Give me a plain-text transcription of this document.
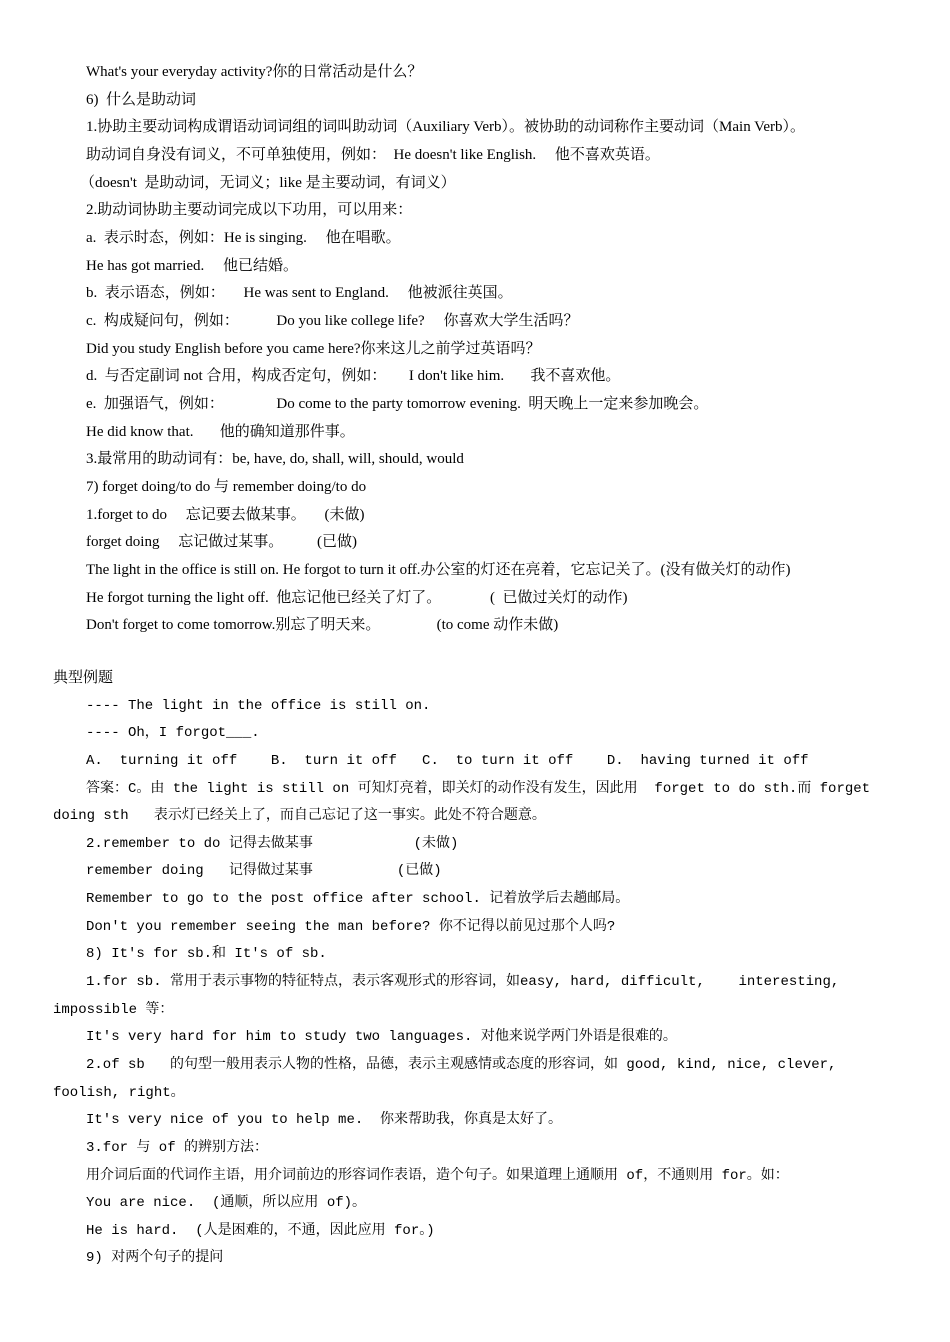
What's your everyday activity?你的日常活动是什么？
6)  什么是助动词
1.协助主要动词构成谓语动词词组的词叫助动词（Auxiliary Verb）。被协助的动词称作主要动词（Main Verb）。
助动词自身没有词义，不可单独使用，例如：  He doesn't like English.     他不喜欢英语。
（doesn't  是助动词，无词义；like 是主要动词，有词义）
2.助动词协助主要动词完成以下功用，可以用来：
a.  表示时态，例如：He is singing.     他在唱歌。
He has got married.     他已结婚。
b.  表示语态，例如：     He was sent to England.     他被派往英国。
c.  构成疑问句，例如：          Do you like college life?     你喜欢大学生活吗？
Did you study English before you came here?你来这儿之前学过英语吗？
d.  与否定副词 not 合用，构成否定句，例如：      I don't like him.       我不喜欢他。
e.  加强语气，例如：              Do come to the party tomorrow evening.  明天晚上一定来参加晚会。
He did know that.       他的确知道那件事。
3.最常用的助动词有：be, have, do, shall, will, should, would
7) forget doing/to do 与 remember doing/to do
1.forget to do     忘记要去做某事。     (未做)
forget doing     忘记做过某事。         (已做)
The light in the office is still on. He forgot to turn it off.办公室的灯还在亮着，它忘记关了。(没有做关灯的动作)
He forgot turning the light off.  他忘记他已经关了灯了。             (  已做过关灯的动作)
Don't forget to come tomorrow.别忘了明天来。               (to come 动作未做)
典型例题
---- The light in the office is still on.
---- Oh，I forgot___.
A.  turning it off    B.  turn it off   C.  to turn it off    D.  having turned it off
答案：C。由 the light is still on 可知灯亮着，即关灯的动作没有发生，因此用  forget to do sth.而 forget
doing sth   表示灯已经关上了，而自己忘记了这一事实。此处不符合题意。
2.remember to do 记得去做某事            (未做)
remember doing   记得做过某事          (已做)
Remember to go to the post office after school. 记着放学后去趟邮局。
Don't you remember seeing the man before? 你不记得以前见过那个人吗?
8) It's for sb.和 It's of sb.
1.for sb. 常用于表示事物的特征特点，表示客观形式的形容词，如easy, hard, difficult,    interesting,
impossible 等：
It's very hard for him to study two languages. 对他来说学两门外语是很难的。
2.of sb   的句型一般用表示人物的性格，品德，表示主观感情或态度的形容词，如 good, kind, nice, clever,
foolish, right。
It's very nice of you to help me.  你来帮助我，你真是太好了。
3.for 与 of 的辨别方法：
用介词后面的代词作主语，用介词前边的形容词作表语，造个句子。如果道理上通顺用 of，不通则用 for。如：
You are nice.  (通顺，所以应用 of)。
He is hard.  (人是困难的，不通，因此应用 for。)
9) 对两个句子的提问
